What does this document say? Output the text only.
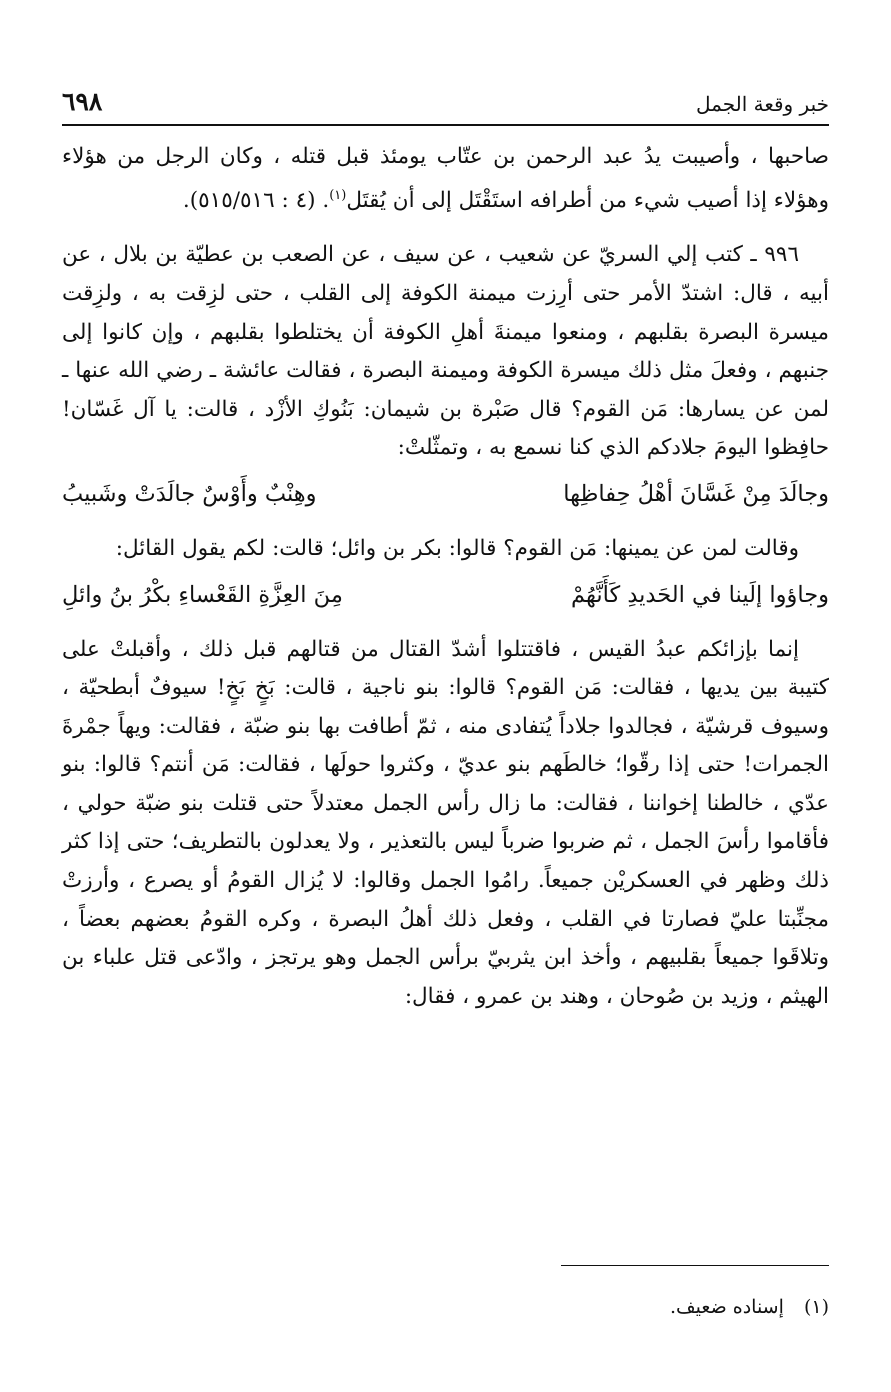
٦٩٨	خبر وقعة الجمل

صاحبها ، وأصيبت يدُ عبد الرحمن بن عتّاب يومئذ قبل قتله ، وكان الرجل من هؤلاء وهؤلاء إذا أصيب شيء من أطرافه استَقْتَل إلى أن يُقتَل$^{(١)}$. (٤ : ٥١٥/٥١٦).

٩٩٦ ـ كتب إلي السريّ عن شعيب ، عن سيف ، عن الصعب بن عطيّة بن بلال ، عن أبيه ، قال: اشتدّ الأمر حتى أرِزت ميمنة الكوفة إلى القلب ، حتى لزِقت به ، ولزِقت ميسرة البصرة بقلبهم ، ومنعوا ميمنةَ أهلِ الكوفة أن يختلطوا بقلبهم ، وإن كانوا إلى جنبهم ، وفعلَ مثل ذلك ميسرة الكوفة وميمنة البصرة ، فقالت عائشة ـ رضي الله عنها ـ لمن عن يسارها: مَن القوم؟ قال صَبْرة بن شيمان: بَنُوكِ الأزْد ، قالت: يا آل غَسّان! حافِظوا اليومَ جلادكم الذي كنا نسمع به ، وتمثّلتْ:

وجالَدَ مِنْ غَسَّانَ أهْلُ حِفاظِها
وهِنْبٌ وأَوْسٌ جالَدَتْ وشَبيبُ

وقالت لمن عن يمينها: مَن القوم؟ قالوا: بكر بن وائل؛ قالت: لكم يقول القائل:

وجاؤوا إلَينا في الحَديدِ كَأَنَّهُمْ
مِنَ العِزَّةِ القَعْساءِ بكْرُ بنُ وائلِ

إنما بإزائكم عبدُ القيس ، فاقتتلوا أشدّ القتال من قتالهم قبل ذلك ، وأقبلتْ على كتيبة بين يديها ، فقالت: مَن القوم؟ قالوا: بنو ناجية ، قالت: بَخٍ بَخٍ! سيوفٌ أبطحيّة ، وسيوف قرشيّة ، فجالدوا جلاداً يُتفادى منه ، ثمّ أطافت بها بنو ضبّة ، فقالت: ويهاً جمْرةَ الجمرات! حتى إذا رقّوا؛ خالطَهم بنو عديّ ، وكثروا حولَها ، فقالت: مَن أنتم؟ قالوا: بنو عدّي ، خالطنا إخواننا ، فقالت: ما زال رأس الجمل معتدلاً حتى قتلت بنو ضبّة حولي ، فأقاموا رأسَ الجمل ، ثم ضربوا ضرباً ليس بالتعذير ، ولا يعدلون بالتطريف؛ حتى إذا كثر ذلك وظهر في العسكريْن جميعاً. رامُوا الجمل وقالوا: لا يُزال القومُ أو يصرع ، وأرزتْ مجنِّبتا عليّ فصارتا في القلب ، وفعل ذلك أهلُ البصرة ، وكره القومُ بعضهم بعضاً ، وتلاقَوا جميعاً بقلبيهم ، وأخذ ابن يثربيّ برأس الجمل وهو يرتجز ، وادّعى قتل علباء بن الهيثم ، وزيد بن صُوحان ، وهند بن عمرو ، فقال:

(١) إسناده ضعيف.
